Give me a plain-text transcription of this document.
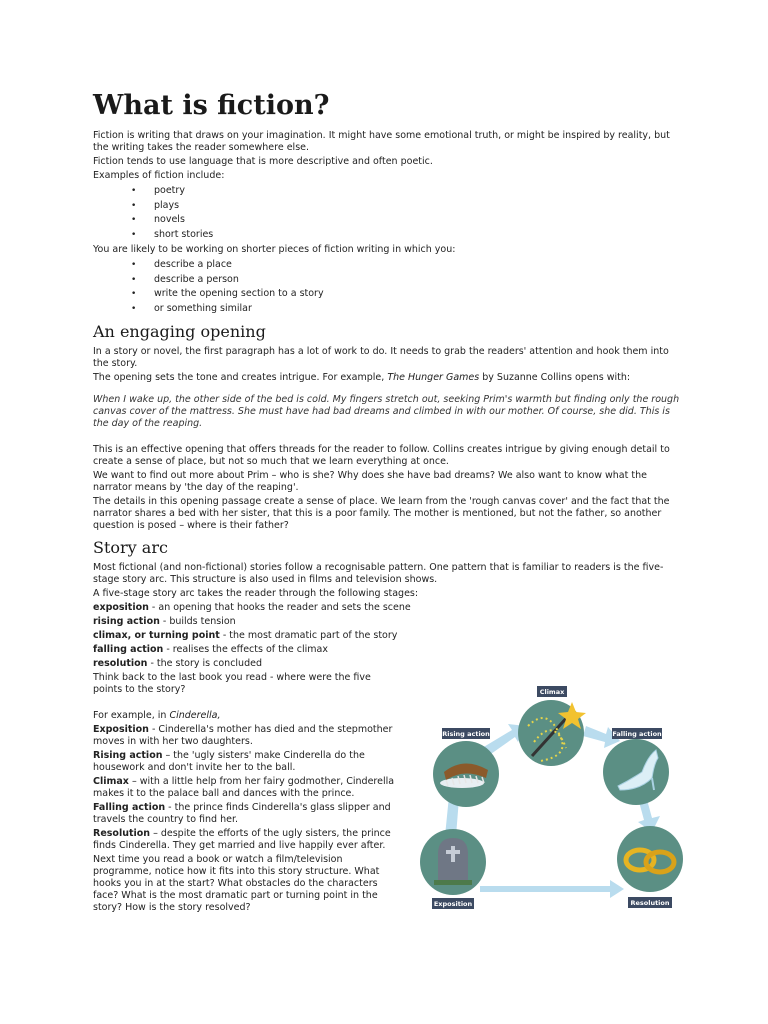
What is fiction?

Fiction is writing that draws on your imagination. It might have some emotional truth, or might be inspired by reality, but the writing takes the reader somewhere else.

Fiction tends to use language that is more descriptive and often poetic.

Examples of fiction include:

• poetry
• plays
• novels
• short stories

You are likely to be working on shorter pieces of fiction writing in which you:

• describe a place
• describe a person
• write the opening section to a story
• or something similar
An engaging opening

In a story or novel, the first paragraph has a lot of work to do. It needs to grab the readers' attention and hook them into the story.

The opening sets the tone and creates intrigue. For example, The Hunger Games by Suzanne Collins opens with:

When I wake up, the other side of the bed is cold. My fingers stretch out, seeking Prim's warmth but finding only the rough canvas cover of the mattress. She must have had bad dreams and climbed in with our mother. Of course, she did. This is the day of the reaping.

This is an effective opening that offers threads for the reader to follow. Collins creates intrigue by giving enough detail to create a sense of place, but not so much that we learn everything at once.

We want to find out more about Prim – who is she? Why does she have bad dreams? We also want to know what the narrator means by 'the day of the reaping'.

The details in this opening passage create a sense of place. We learn from the 'rough canvas cover' and the fact that the narrator shares a bed with her sister, that this is a poor family. The mother is mentioned, but not the father, so another question is posed – where is their father?

Story arc

Most fictional (and non-fictional) stories follow a recognisable pattern. One pattern that is familiar to readers is the five-stage story arc. This structure is also used in films and television shows.

A five-stage story arc takes the reader through the following stages:

exposition - an opening that hooks the reader and sets the scene

rising action - builds tension

climax, or turning point - the most dramatic part of the story

falling action - realises the effects of the climax

resolution - the story is concluded

Think back to the last book you read - where were the five points to the story?

For example, in Cinderella,

Exposition - Cinderella's mother has died and the stepmother moves in with her two daughters.

Rising action – the 'ugly sisters' make Cinderella do the housework and don't invite her to the ball.

Climax – with a little help from her fairy godmother, Cinderella makes it to the palace ball and dances with the prince.

Falling action - the prince finds Cinderella's glass slipper and travels the country to find her.

Resolution – despite the efforts of the ugly sisters, the prince finds Cinderella. They get married and live happily ever after.

Next time you read a book or watch a film/television programme, notice how it fits into this story structure. What hooks you in at the start? What obstacles do the characters face? What is the most dramatic part or turning point in the story? How is the story resolved?

Climax
Rising action	Falling action
Exposition	Resolution
